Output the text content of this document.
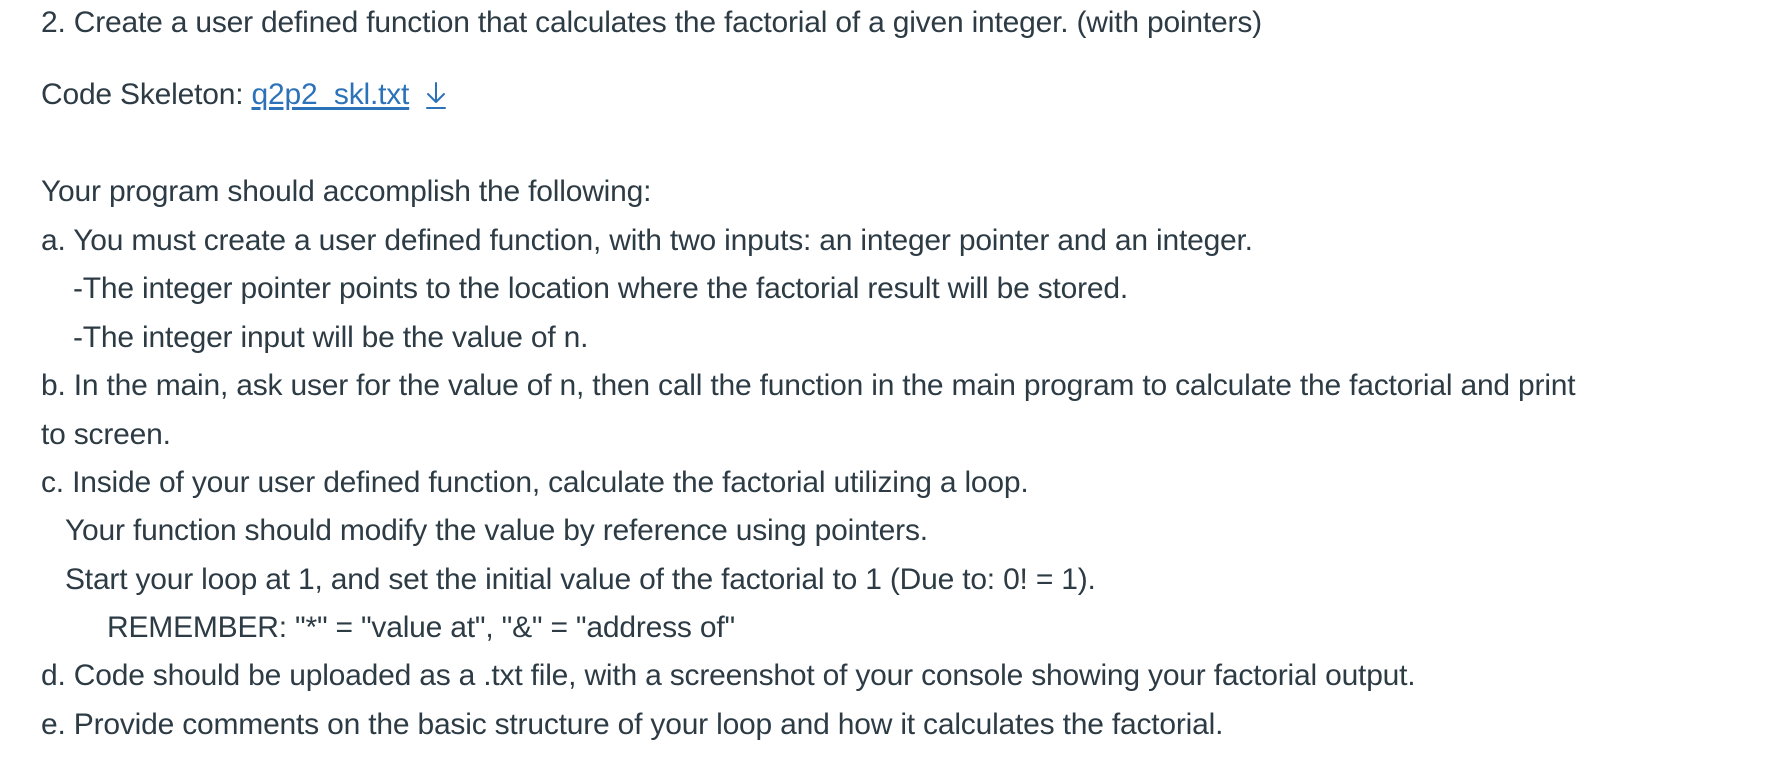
2. Create a user defined function that calculates the factorial of a given integer. (with pointers)
Code Skeleton: q2p2_skl.txt
Your program should accomplish the following:
a. You must create a user defined function, with two inputs: an integer pointer and an integer.
-The integer pointer points to the location where the factorial result will be stored.
-The integer input will be the value of n.
b. In the main, ask user for the value of n, then call the function in the main program to calculate the factorial and print
to screen.
c. Inside of your user defined function, calculate the factorial utilizing a loop.
Your function should modify the value by reference using pointers.
Start your loop at 1, and set the initial value of the factorial to 1 (Due to: 0! = 1).
REMEMBER: "*" = "value at", "&" = "address of"
d. Code should be uploaded as a .txt file, with a screenshot of your console showing your factorial output.
e. Provide comments on the basic structure of your loop and how it calculates the factorial.
